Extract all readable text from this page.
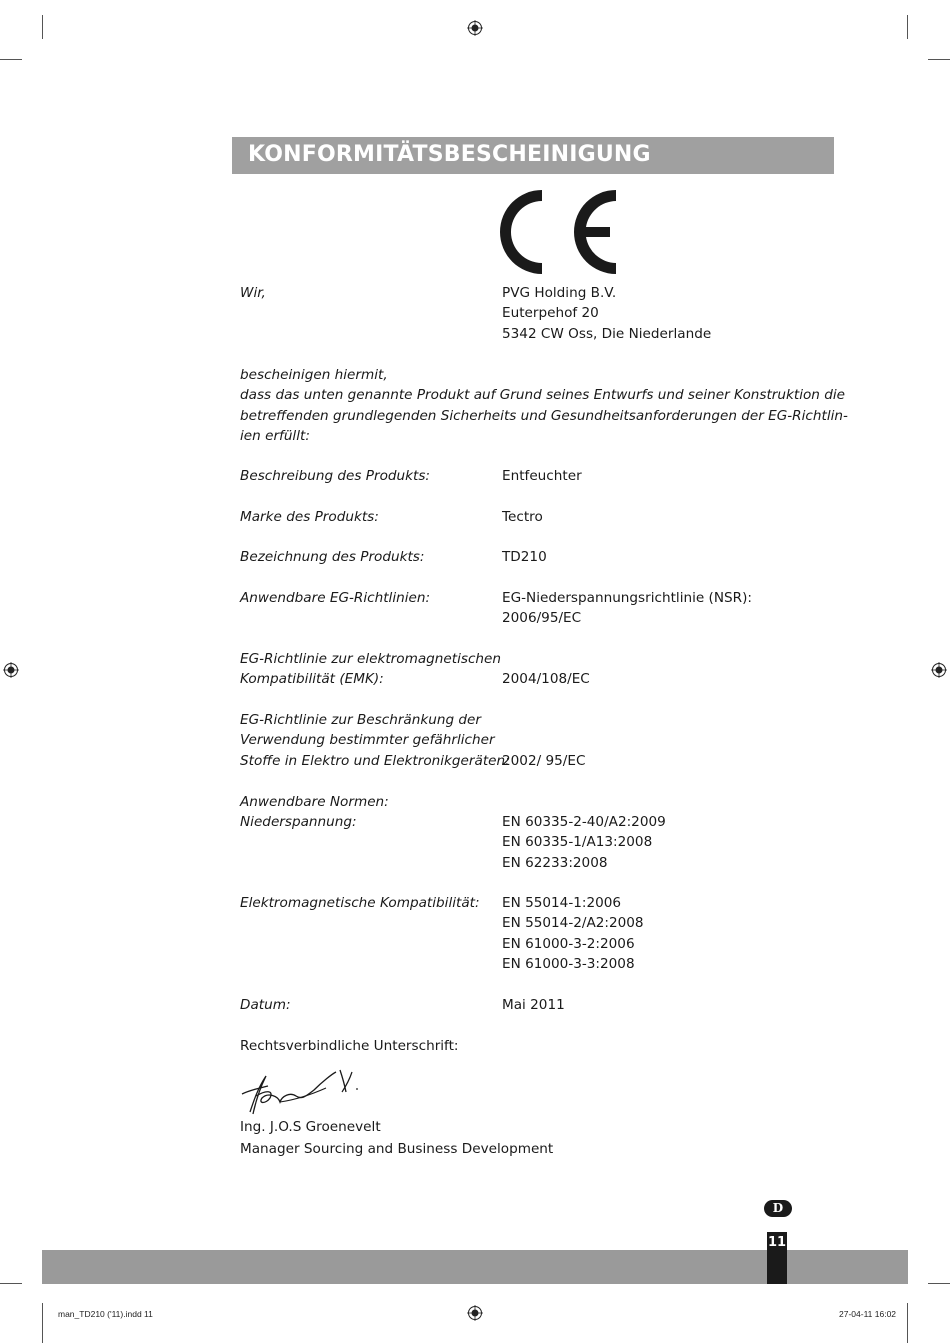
KONFORMITÄTSBESCHEINIGUNG
Wir,	PVG Holding B.V.
Euterpehof 20
5342 CW Oss, Die Niederlande
bescheinigen hiermit,
dass das unten genannte Produkt auf Grund seines Entwurfs und seiner Konstruktion die
betreffenden grundlegenden Sicherheits und Gesundheitsanforderungen der EG-Richtlin-
ien erfüllt:
Beschreibung des Produkts:	Entfeuchter
Marke des Produkts:	Tectro
Bezeichnung des Produkts:	TD210
Anwendbare EG-Richtlinien:	EG-Niederspannungsrichtlinie (NSR):
2006/95/EC
EG-Richtlinie zur elektromagnetischen
Kompatibilität (EMK):	2004/108/EC
EG-Richtlinie zur Beschränkung der
Verwendung bestimmter gefährlicher
Stoffe in Elektro und Elektronikgeräten:
2002/ 95/EC
Anwendbare Normen:
Niederspannung:	EN 60335-2-40/A2:2009
EN 60335-1/A13:2008
EN 62233:2008
Elektromagnetische Kompatibilität: EN 55014-1:2006
EN 55014-2/A2:2008
EN 61000-3-2:2006
EN 61000-3-3:2008
Datum:	Mai 2011
Rechtsverbindliche Unterschrift:
Ing. J.O.S Groenevelt
Manager Sourcing and Business Development
D
11
man_TD210 ('11).indd 11	27-04-11 16:02
